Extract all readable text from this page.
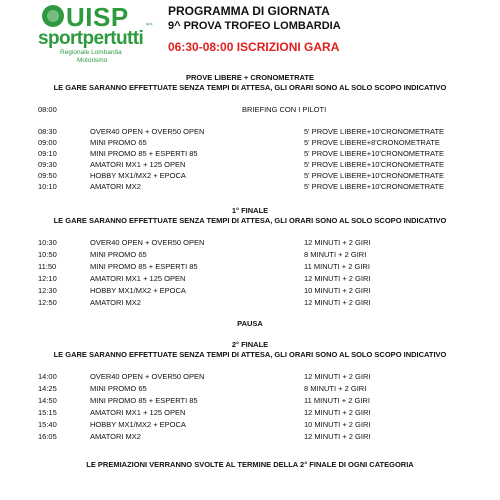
UISP	aps
sportpertutti
Regionale Lombardia
Motorismo
PROGRAMMA DI GIORNATA
9^ PROVA TROFEO LOMBARDIA
06:30-08:00 ISCRIZIONI GARA
PROVE LIBERE + CRONOMETRATE
LE GARE SARANNO EFFETTUATE SENZA TEMPI DI ATTESA, GLI ORARI SONO AL SOLO SCOPO INDICATIVO
08:00	BRIEFING CON I PILOTI
08:30	OVER40 OPEN + OVER50 OPEN	5' PROVE LIBERE+10'CRONOMETRATE
09:00	MINI PROMO 65	5' PROVE LIBERE+8'CRONOMETRATE
09:10	MINI PROMO 85 + ESPERTI 85	5' PROVE LIBERE+10'CRONOMETRATE
09:30	AMATORI MX1 + 125 OPEN	5' PROVE LIBERE+10'CRONOMETRATE
09:50	HOBBY MX1/MX2 + EPOCA	5' PROVE LIBERE+10'CRONOMETRATE
10:10	AMATORI MX2	5' PROVE LIBERE+10'CRONOMETRATE
1° FINALE
LE GARE SARANNO EFFETTUATE SENZA TEMPI DI ATTESA, GLI ORARI SONO AL SOLO SCOPO INDICATIVO
10:30	OVER40 OPEN + OVER50 OPEN	12 MINUTI + 2 GIRI
10:50	MINI PROMO 65	8 MINUTI + 2 GIRI
11:50	MINI PROMO 85 + ESPERTI 85	11 MINUTI + 2 GIRI
12:10	AMATORI MX1 + 125 OPEN	12 MINUTI + 2 GIRI
12:30	HOBBY MX1/MX2 + EPOCA	10 MINUTI + 2 GIRI
12:50	AMATORI MX2	12 MINUTI + 2 GIRI
PAUSA
2° FINALE
LE GARE SARANNO EFFETTUATE SENZA TEMPI DI ATTESA, GLI ORARI SONO AL SOLO SCOPO INDICATIVO
14:00	OVER40 OPEN + OVER50 OPEN	12 MINUTI + 2 GIRI
14:25	MINI PROMO 65	8 MINUTI + 2 GIRI
14:50	MINI PROMO 85 + ESPERTI 85	11 MINUTI + 2 GIRI
15:15	AMATORI MX1 + 125 OPEN	12 MINUTI + 2 GIRI
15:40	HOBBY MX1/MX2 + EPOCA	10 MINUTI + 2 GIRI
16:05	AMATORI MX2	12 MINUTI + 2 GIRI
LE PREMIAZIONI VERRANNO SVOLTE AL TERMINE DELLA 2° FINALE DI OGNI CATEGORIA
